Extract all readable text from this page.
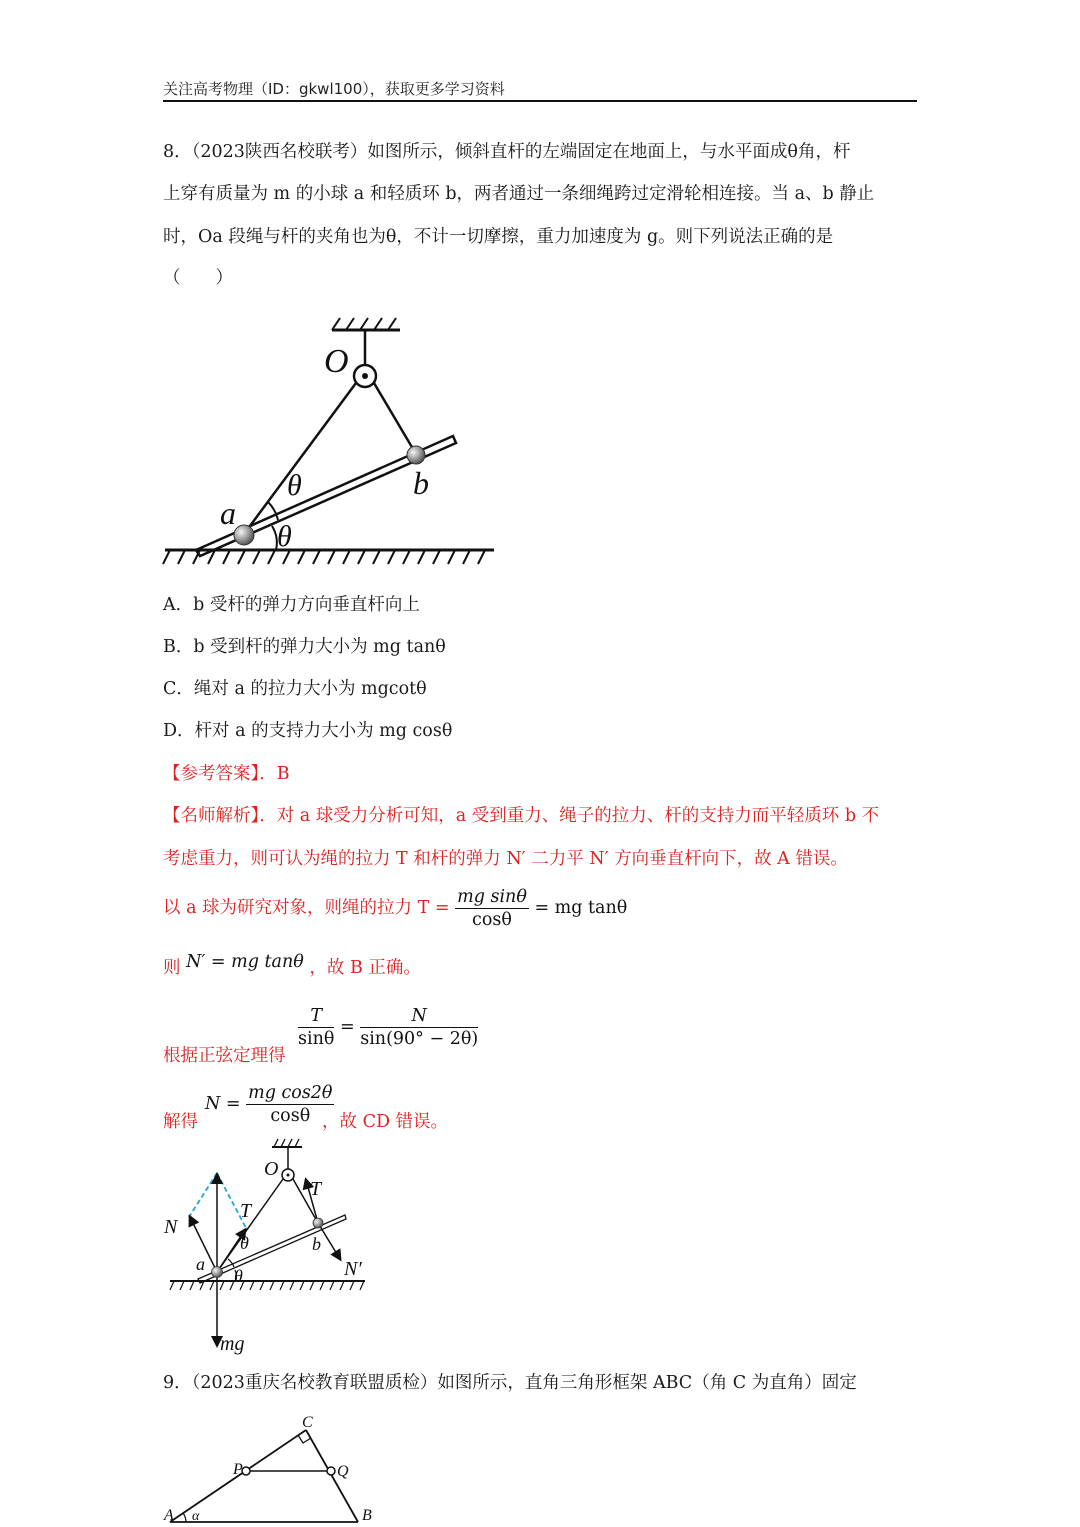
关注高考物理（ID：gkwl100），获取更多学习资料
8．（2023陕西名校联考）如图所示，倾斜直杆的左端固定在地面上，与水平面成θ角，杆
上穿有质量为 m 的小球 a 和轻质环 b，两者通过一条细绳跨过定滑轮相连接。当 a、b 静止
时，Oa 段绳与杆的夹角也为θ，不计一切摩擦，重力加速度为 g。则下列说法正确的是
（　　）
O
a
b
θ
θ
A．b 受杆的弹力方向垂直杆向上
B．b 受到杆的弹力大小为 mg tanθ
C．绳对 a 的拉力大小为 mgcotθ
D．杆对 a 的支持力大小为 mg cosθ
【参考答案】．B
【名师解析】．对 a 球受力分析可知，a 受到重力、绳子的拉力、杆的支持力而平轻质环 b 不
考虑重力，则可认为绳的拉力 T 和杆的弹力 N′ 二力平 N′ 方向垂直杆向下，故 A 错误。
以 a 球为研究对象，则绳的拉力 $T = \frac{\text{mg sinθ}}{\cos\theta}$ = mg tanθ
则 N′ = mg tanθ ，故 B 正确。
$\frac{T}{\sin\theta} = \frac{N}{\sin(90^\circ - 2\theta)}$
根据正弦定理得
$N = \frac{\text{mg cos2θ}}{\cos\theta}$
解得	，故 CD 错误。
O
T
T
N
N′
a
b
θ
θ
mg
9．（2023重庆名校教育联盟质检）如图所示，直角三角形框架 ABC（角 C 为直角）固定
C
P	Q
A	B
α
